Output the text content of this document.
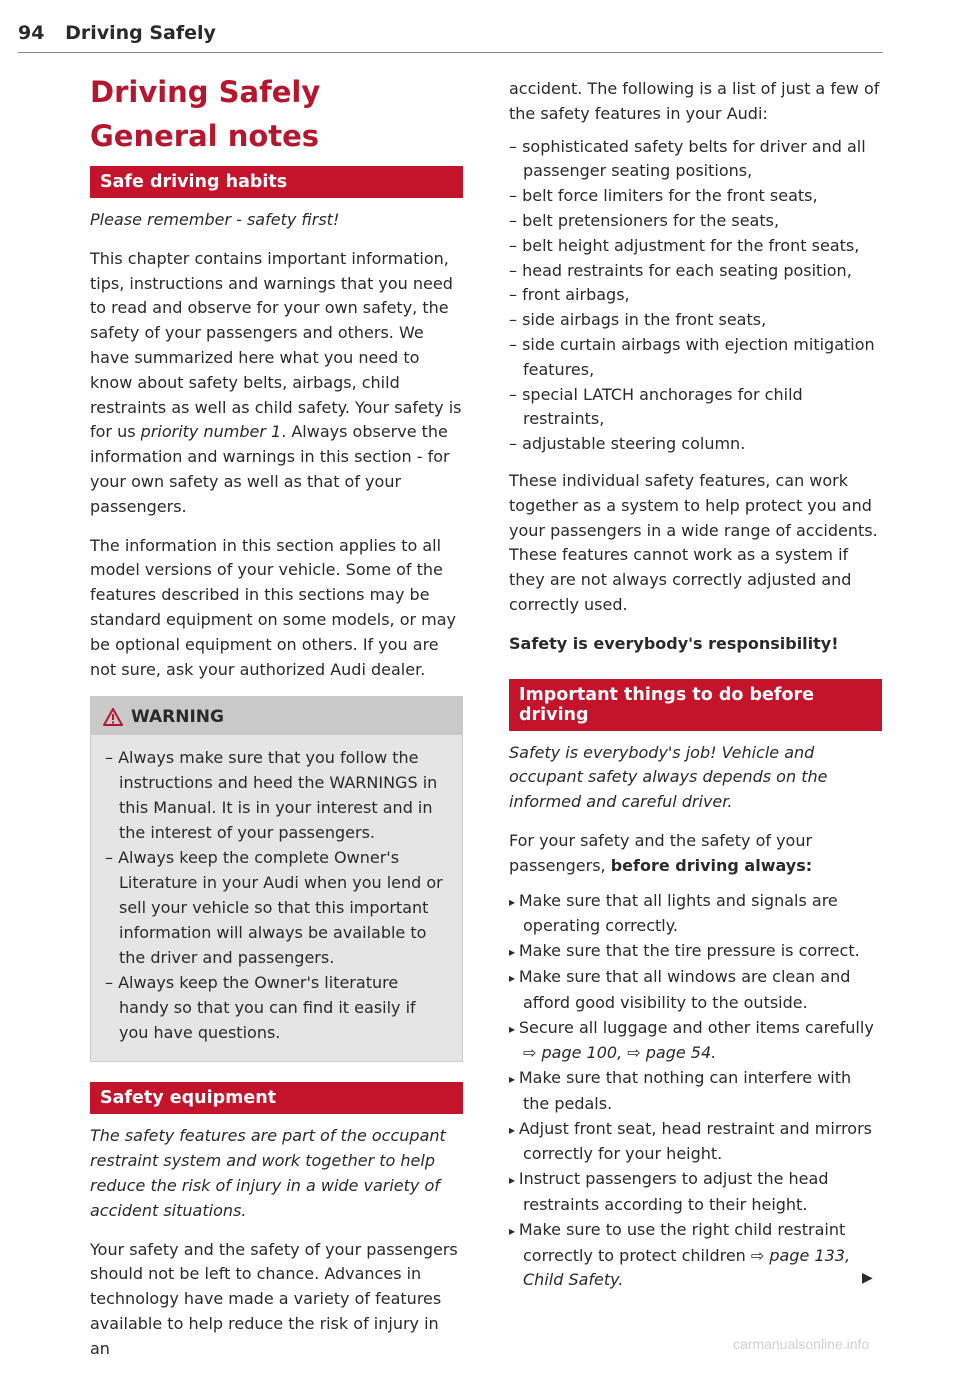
94 Driving Safely
Driving Safely
General notes
Safe driving habits

Please remember - safety first!

This chapter contains important information, tips, instructions and warnings that you need to read and observe for your own safety, the safety of your passengers and others. We have summarized here what you need to know about safety belts, airbags, child restraints as well as child safety. Your safety is for us priority number 1. Always observe the information and warnings in this section - for your own safety as well as that of your passengers.

The information in this section applies to all model versions of your vehicle. Some of the features described in this sections may be standard equipment on some models, or may be optional equipment on others. If you are not sure, ask your authorized Audi dealer.

WARNING
– Always make sure that you follow the instructions and heed the WARNINGS in this Manual. It is in your interest and in the interest of your passengers.
– Always keep the complete Owner's Literature in your Audi when you lend or sell your vehicle so that this important information will always be available to the driver and passengers.
– Always keep the Owner's literature handy so that you can find it easily if you have questions.
Safety equipment

The safety features are part of the occupant restraint system and work together to help reduce the risk of injury in a wide variety of accident situations.

Your safety and the safety of your passengers should not be left to chance. Advances in technology have made a variety of features available to help reduce the risk of injury in an

accident. The following is a list of just a few of the safety features in your Audi:

– sophisticated safety belts for driver and all passenger seating positions,
– belt force limiters for the front seats,
– belt pretensioners for the seats,
– belt height adjustment for the front seats,
– head restraints for each seating position,
– front airbags,
– side airbags in the front seats,
– side curtain airbags with ejection mitigation features,
– special LATCH anchorages for child restraints,
– adjustable steering column.

These individual safety features, can work together as a system to help protect you and your passengers in a wide range of accidents. These features cannot work as a system if they are not always correctly adjusted and correctly used.

Safety is everybody's responsibility!

Important things to do before driving

Safety is everybody's job! Vehicle and occupant safety always depends on the informed and careful driver.

For your safety and the safety of your passengers, before driving always:

▸ Make sure that all lights and signals are operating correctly.
▸ Make sure that the tire pressure is correct.
▸ Make sure that all windows are clean and afford good visibility to the outside.
▸ Secure all luggage and other items carefully ⇨ page 100, ⇨ page 54.
▸ Make sure that nothing can interfere with the pedals.
▸ Adjust front seat, head restraint and mirrors correctly for your height.
▸ Instruct passengers to adjust the head restraints according to their height.
▸ Make sure to use the right child restraint correctly to protect children ⇨ page 133, Child Safety.	▶
carmanualsonline.info
